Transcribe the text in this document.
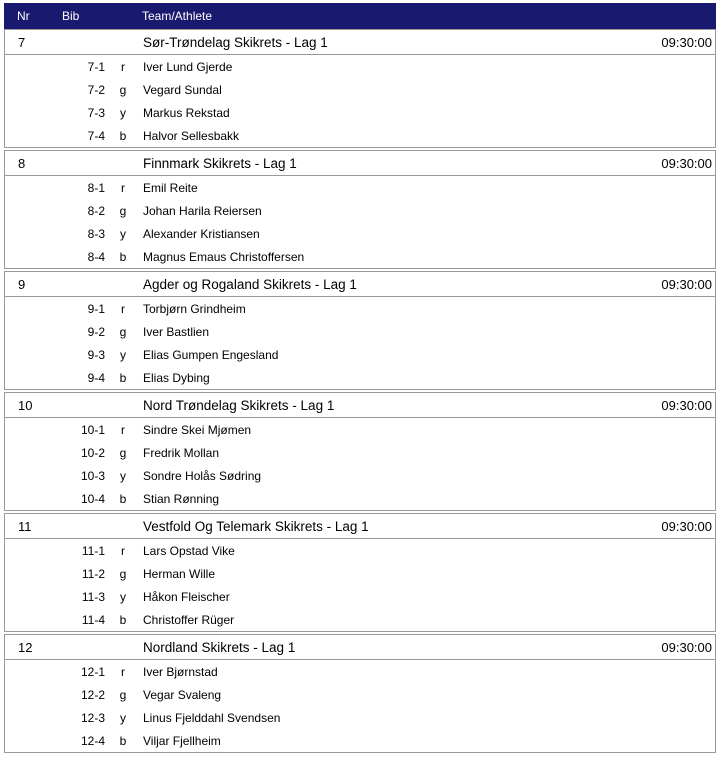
Nr	Bib	Team/Athlete
7	Sør-Trøndelag Skikrets - Lag 1	09:30:00
7-1	r	Iver Lund Gjerde
7-2	g	Vegard Sundal
7-3	y	Markus Rekstad
7-4	b	Halvor Sellesbakk
8	Finnmark Skikrets - Lag 1	09:30:00
8-1	r	Emil Reite
8-2	g	Johan Harila Reiersen
8-3	y	Alexander Kristiansen
8-4	b	Magnus Emaus Christoffersen
9	Agder og Rogaland Skikrets - Lag 1	09:30:00
9-1	r	Torbjørn Grindheim
9-2	g	Iver Bastlien
9-3	y	Elias Gumpen Engesland
9-4	b	Elias Dybing
10	Nord Trøndelag Skikrets - Lag 1	09:30:00
10-1	r	Sindre Skei Mjømen
10-2	g	Fredrik Mollan
10-3	y	Sondre Holås Sødring
10-4	b	Stian Rønning
11	Vestfold Og Telemark Skikrets - Lag 1	09:30:00
11-1	r	Lars Opstad Vike
11-2	g	Herman Wille
11-3	y	Håkon Fleischer
11-4	b	Christoffer Rüger
12	Nordland Skikrets - Lag 1	09:30:00
12-1	r	Iver Bjørnstad
12-2	g	Vegar Svaleng
12-3	y	Linus Fjelddahl Svendsen
12-4	b	Viljar Fjellheim
